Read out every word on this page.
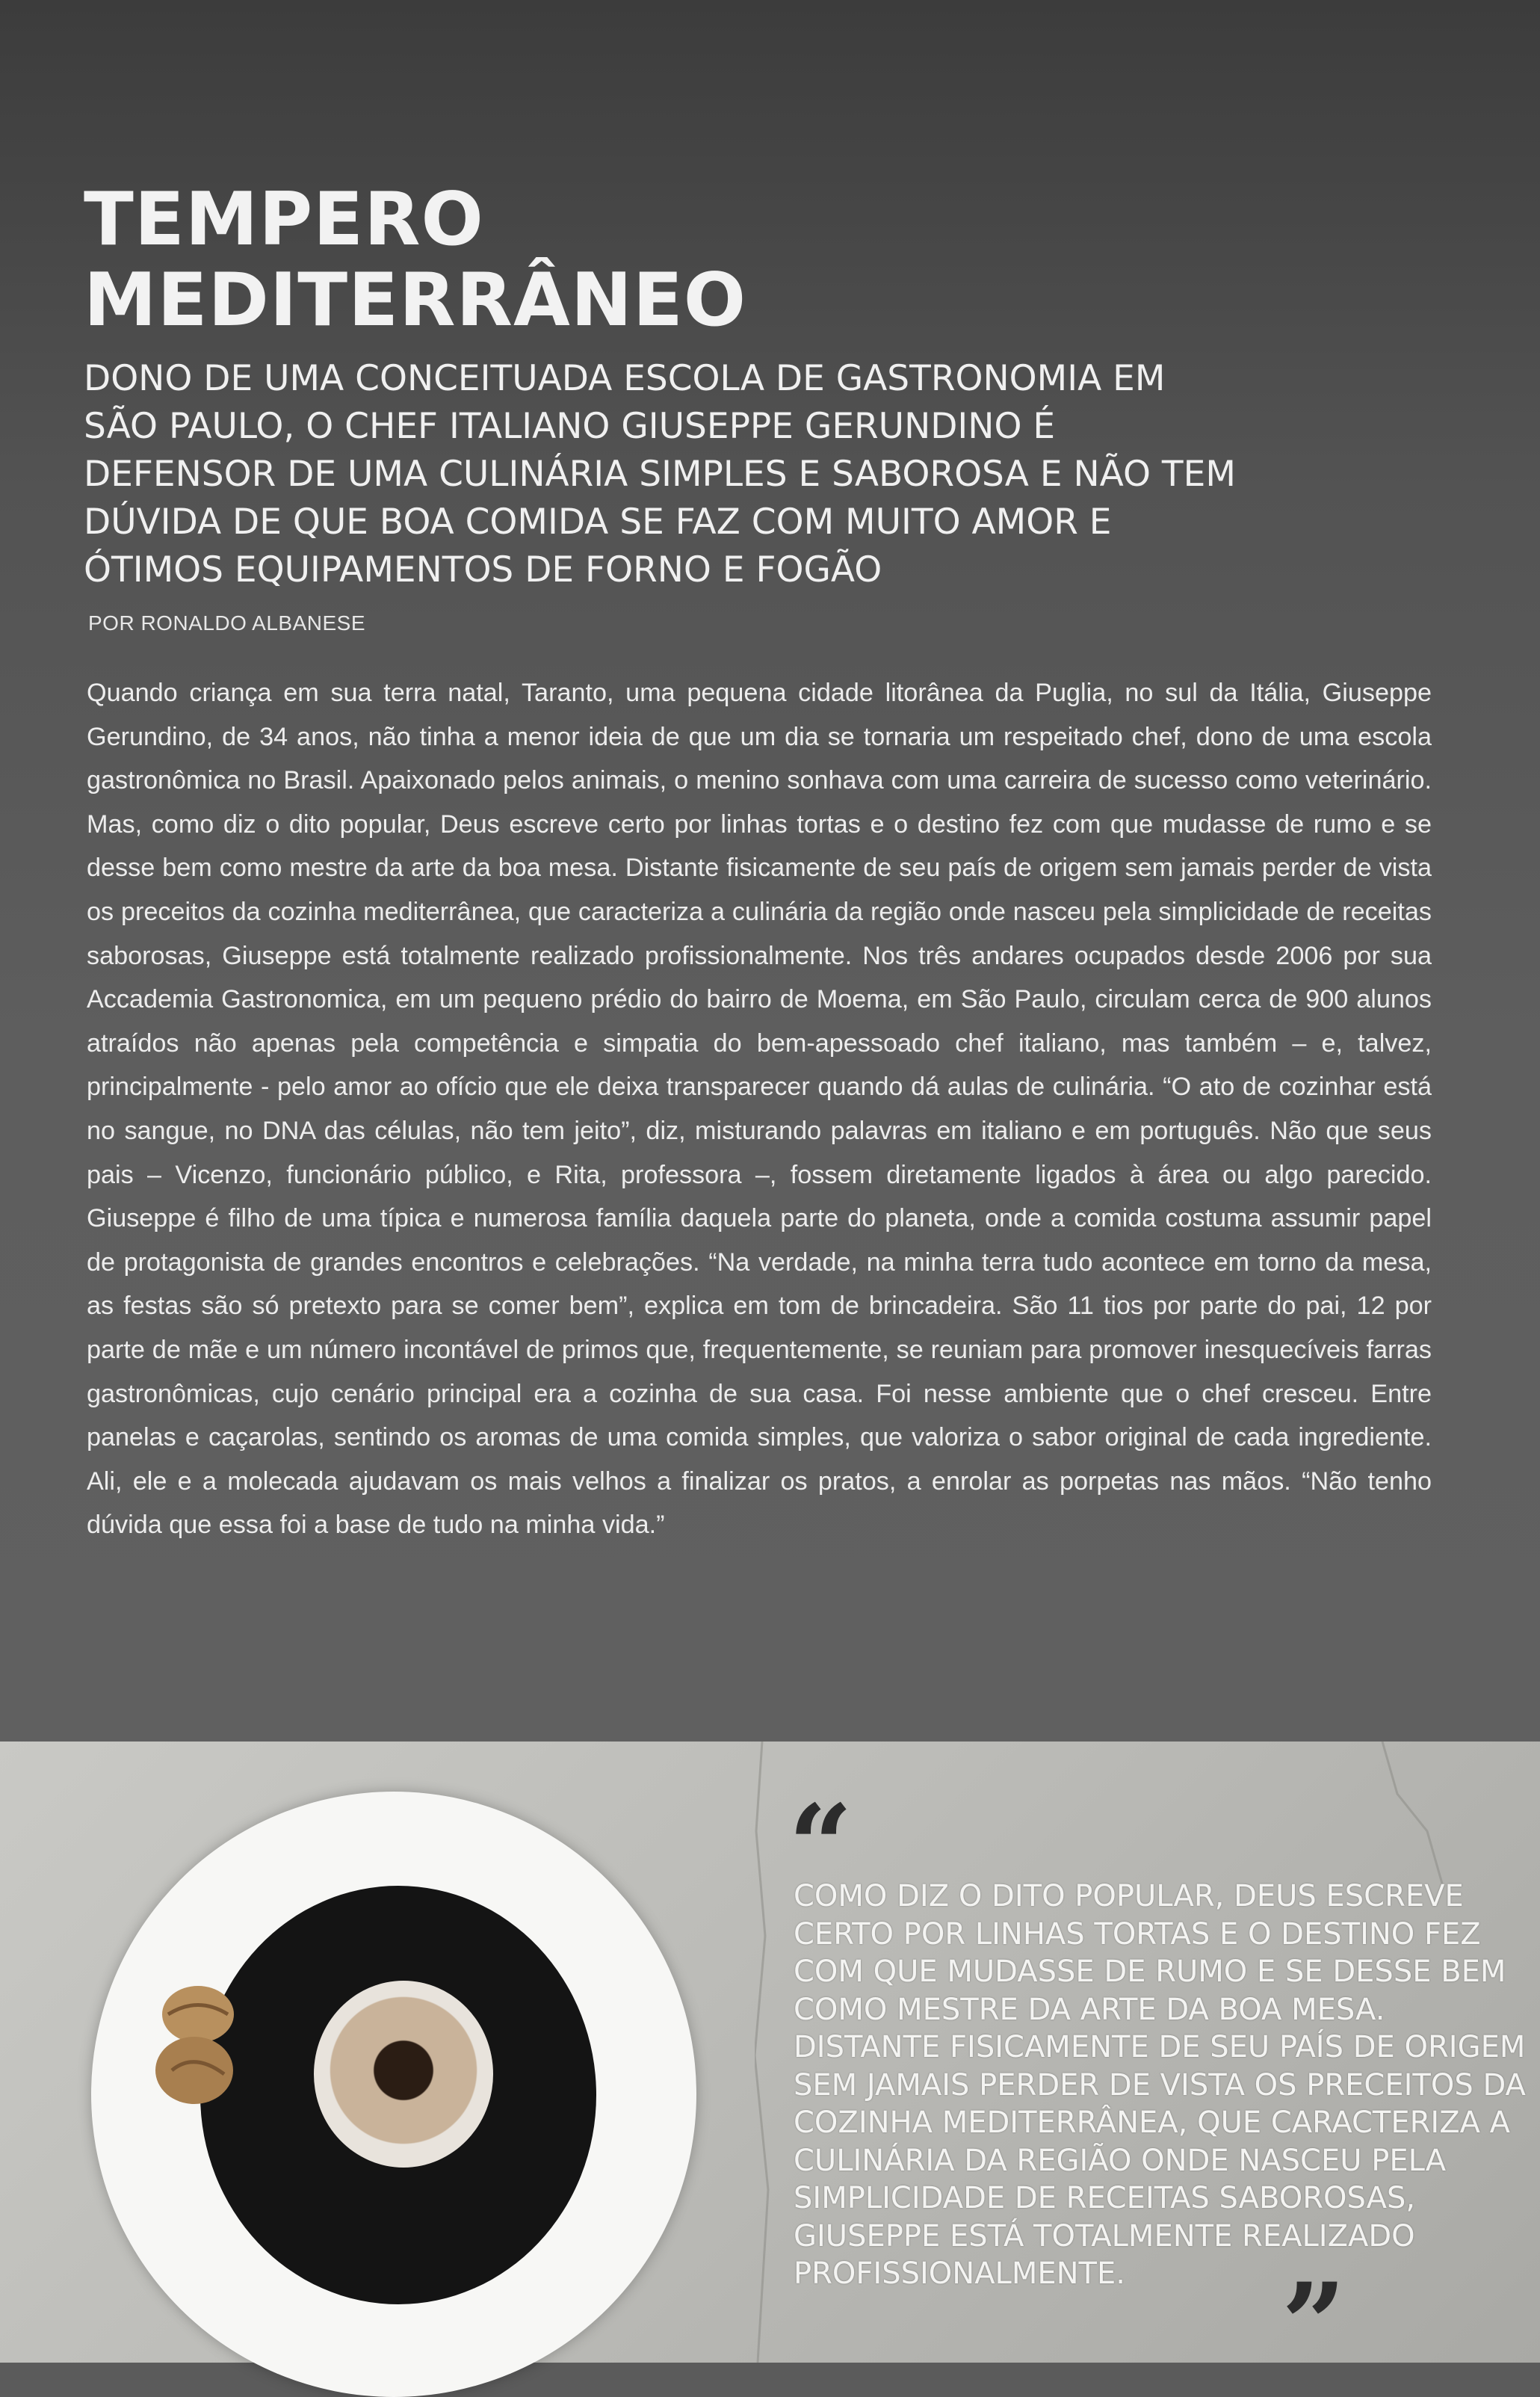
TEMPERO
MEDITERRÂNEO
DONO DE UMA CONCEITUADA ESCOLA DE GASTRONOMIA EM SÃO PAULO, O CHEF ITALIANO GIUSEPPE GERUNDINO É DEFENSOR DE UMA CULINÁRIA SIMPLES E SABOROSA E NÃO TEM DÚVIDA DE QUE BOA COMIDA SE FAZ COM MUITO AMOR E ÓTIMOS EQUIPAMENTOS DE FORNO E FOGÃO

POR RONALDO ALBANESE

Quando criança em sua terra natal, Taranto, uma pequena cidade litorânea da Puglia, no sul da Itália, Giuseppe Gerundino, de 34 anos, não tinha a menor ideia de que um dia se tornaria um respeitado chef, dono de uma escola gastronômica no Brasil. Apaixonado pelos animais, o menino sonhava com uma carreira de sucesso como veterinário. Mas, como diz o dito popular, Deus escreve certo por linhas tortas e o destino fez com que mudasse de rumo e se desse bem como mestre da arte da boa mesa. Distante fisicamente de seu país de origem sem jamais perder de vista os preceitos da cozinha mediterrânea, que caracteriza a culinária da região onde nasceu pela simplicidade de receitas saborosas, Giuseppe está totalmente realizado profissionalmente. Nos três andares ocupados desde 2006 por sua Accademia Gastronomica, em um pequeno prédio do bairro de Moema, em São Paulo, circulam cerca de 900 alunos atraídos não apenas pela competência e simpatia do bem-apessoado chef italiano, mas também – e, talvez, principalmente - pelo amor ao ofício que ele deixa transparecer quando dá aulas de culinária. “O ato de cozinhar está no sangue, no DNA das células, não tem jeito”, diz, misturando palavras em italiano e em português. Não que seus pais – Vicenzo, funcionário público, e Rita, professora –, fossem diretamente ligados à área ou algo parecido. Giuseppe é filho de uma típica e numerosa família daquela parte do planeta, onde a comida costuma assumir papel de protagonista de grandes encontros e celebrações. “Na verdade, na minha terra tudo acontece em torno da mesa, as festas são só pretexto para se comer bem”, explica em tom de brincadeira. São 11 tios por parte do pai, 12 por parte de mãe e um número incontável de primos que, frequentemente, se reuniam para promover inesquecíveis farras gastronômicas, cujo cenário principal era a cozinha de sua casa. Foi nesse ambiente que o chef cresceu. Entre panelas e caçarolas, sentindo os aromas de uma comida simples, que valoriza o sabor original de cada ingrediente. Ali, ele e a molecada ajudavam os mais velhos a finalizar os pratos, a enrolar as porpetas nas mãos. “Não tenho dúvida que essa foi a base de tudo na minha vida.”

“

COMO DIZ O DITO POPULAR, DEUS ESCREVE CERTO POR LINHAS TORTAS E O DESTINO FEZ COM QUE MUDASSE DE RUMO E SE DESSE BEM COMO MESTRE DA ARTE DA BOA MESA. DISTANTE FISICAMENTE DE SEU PAÍS DE ORIGEM SEM JAMAIS PERDER DE VISTA OS PRECEITOS DA COZINHA MEDITERRÂNEA, QUE CARACTERIZA A CULINÁRIA DA REGIÃO ONDE NASCEU PELA SIMPLICIDADE DE RECEITAS SABOROSAS, GIUSEPPE ESTÁ TOTALMENTE REALIZADO PROFISSIONALMENTE.	”
